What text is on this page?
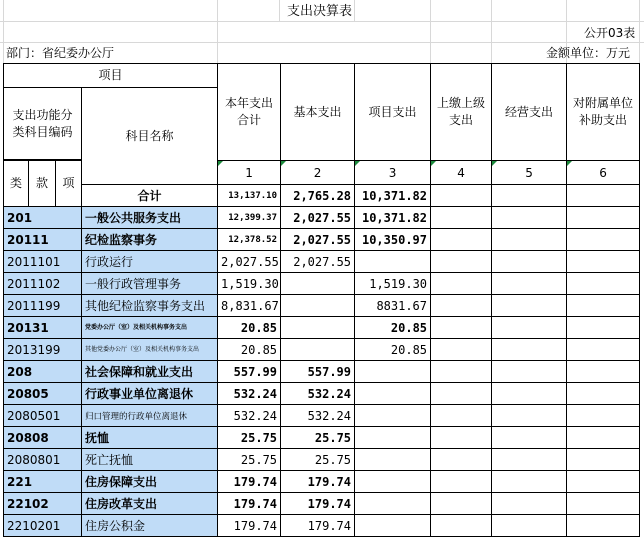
支出决算表
公开03表
部门：省纪委办公厅	金额单位：万元
项目				本年支出合计	基本支出	项目支出	上缴上级支出	经营支出	对附属单位补助支出
支出功能分类科目编码			科目名称						

类	款	项		1	2	3	4	5	6
			合计	13,137.10	2,765.28	10,371.82			
201			一般公共服务支出	12,399.37	2,027.55	10,371.82			
20111			纪检监察事务	12,378.52	2,027.55	10,350.97			
2011101			行政运行	2,027.55	2,027.55				
2011102			一般行政管理事务	1,519.30		1,519.30			
2011199			其他纪检监察事务支出	8,831.67		8831.67			
20131			党委办公厅（室）及相关机构事务支出	20.85		20.85			
2013199			其他党委办公厅（室）及相关机构事务支出	20.85		20.85			
208			社会保障和就业支出	557.99	557.99				
20805			行政事业单位离退休	532.24	532.24				
2080501			归口管理的行政单位离退休	532.24	532.24				
20808			抚恤	25.75	25.75				
2080801			死亡抚恤	25.75	25.75				
221			住房保障支出	179.74	179.74				
22102			住房改革支出	179.74	179.74				
2210201			住房公积金	179.74	179.74				
